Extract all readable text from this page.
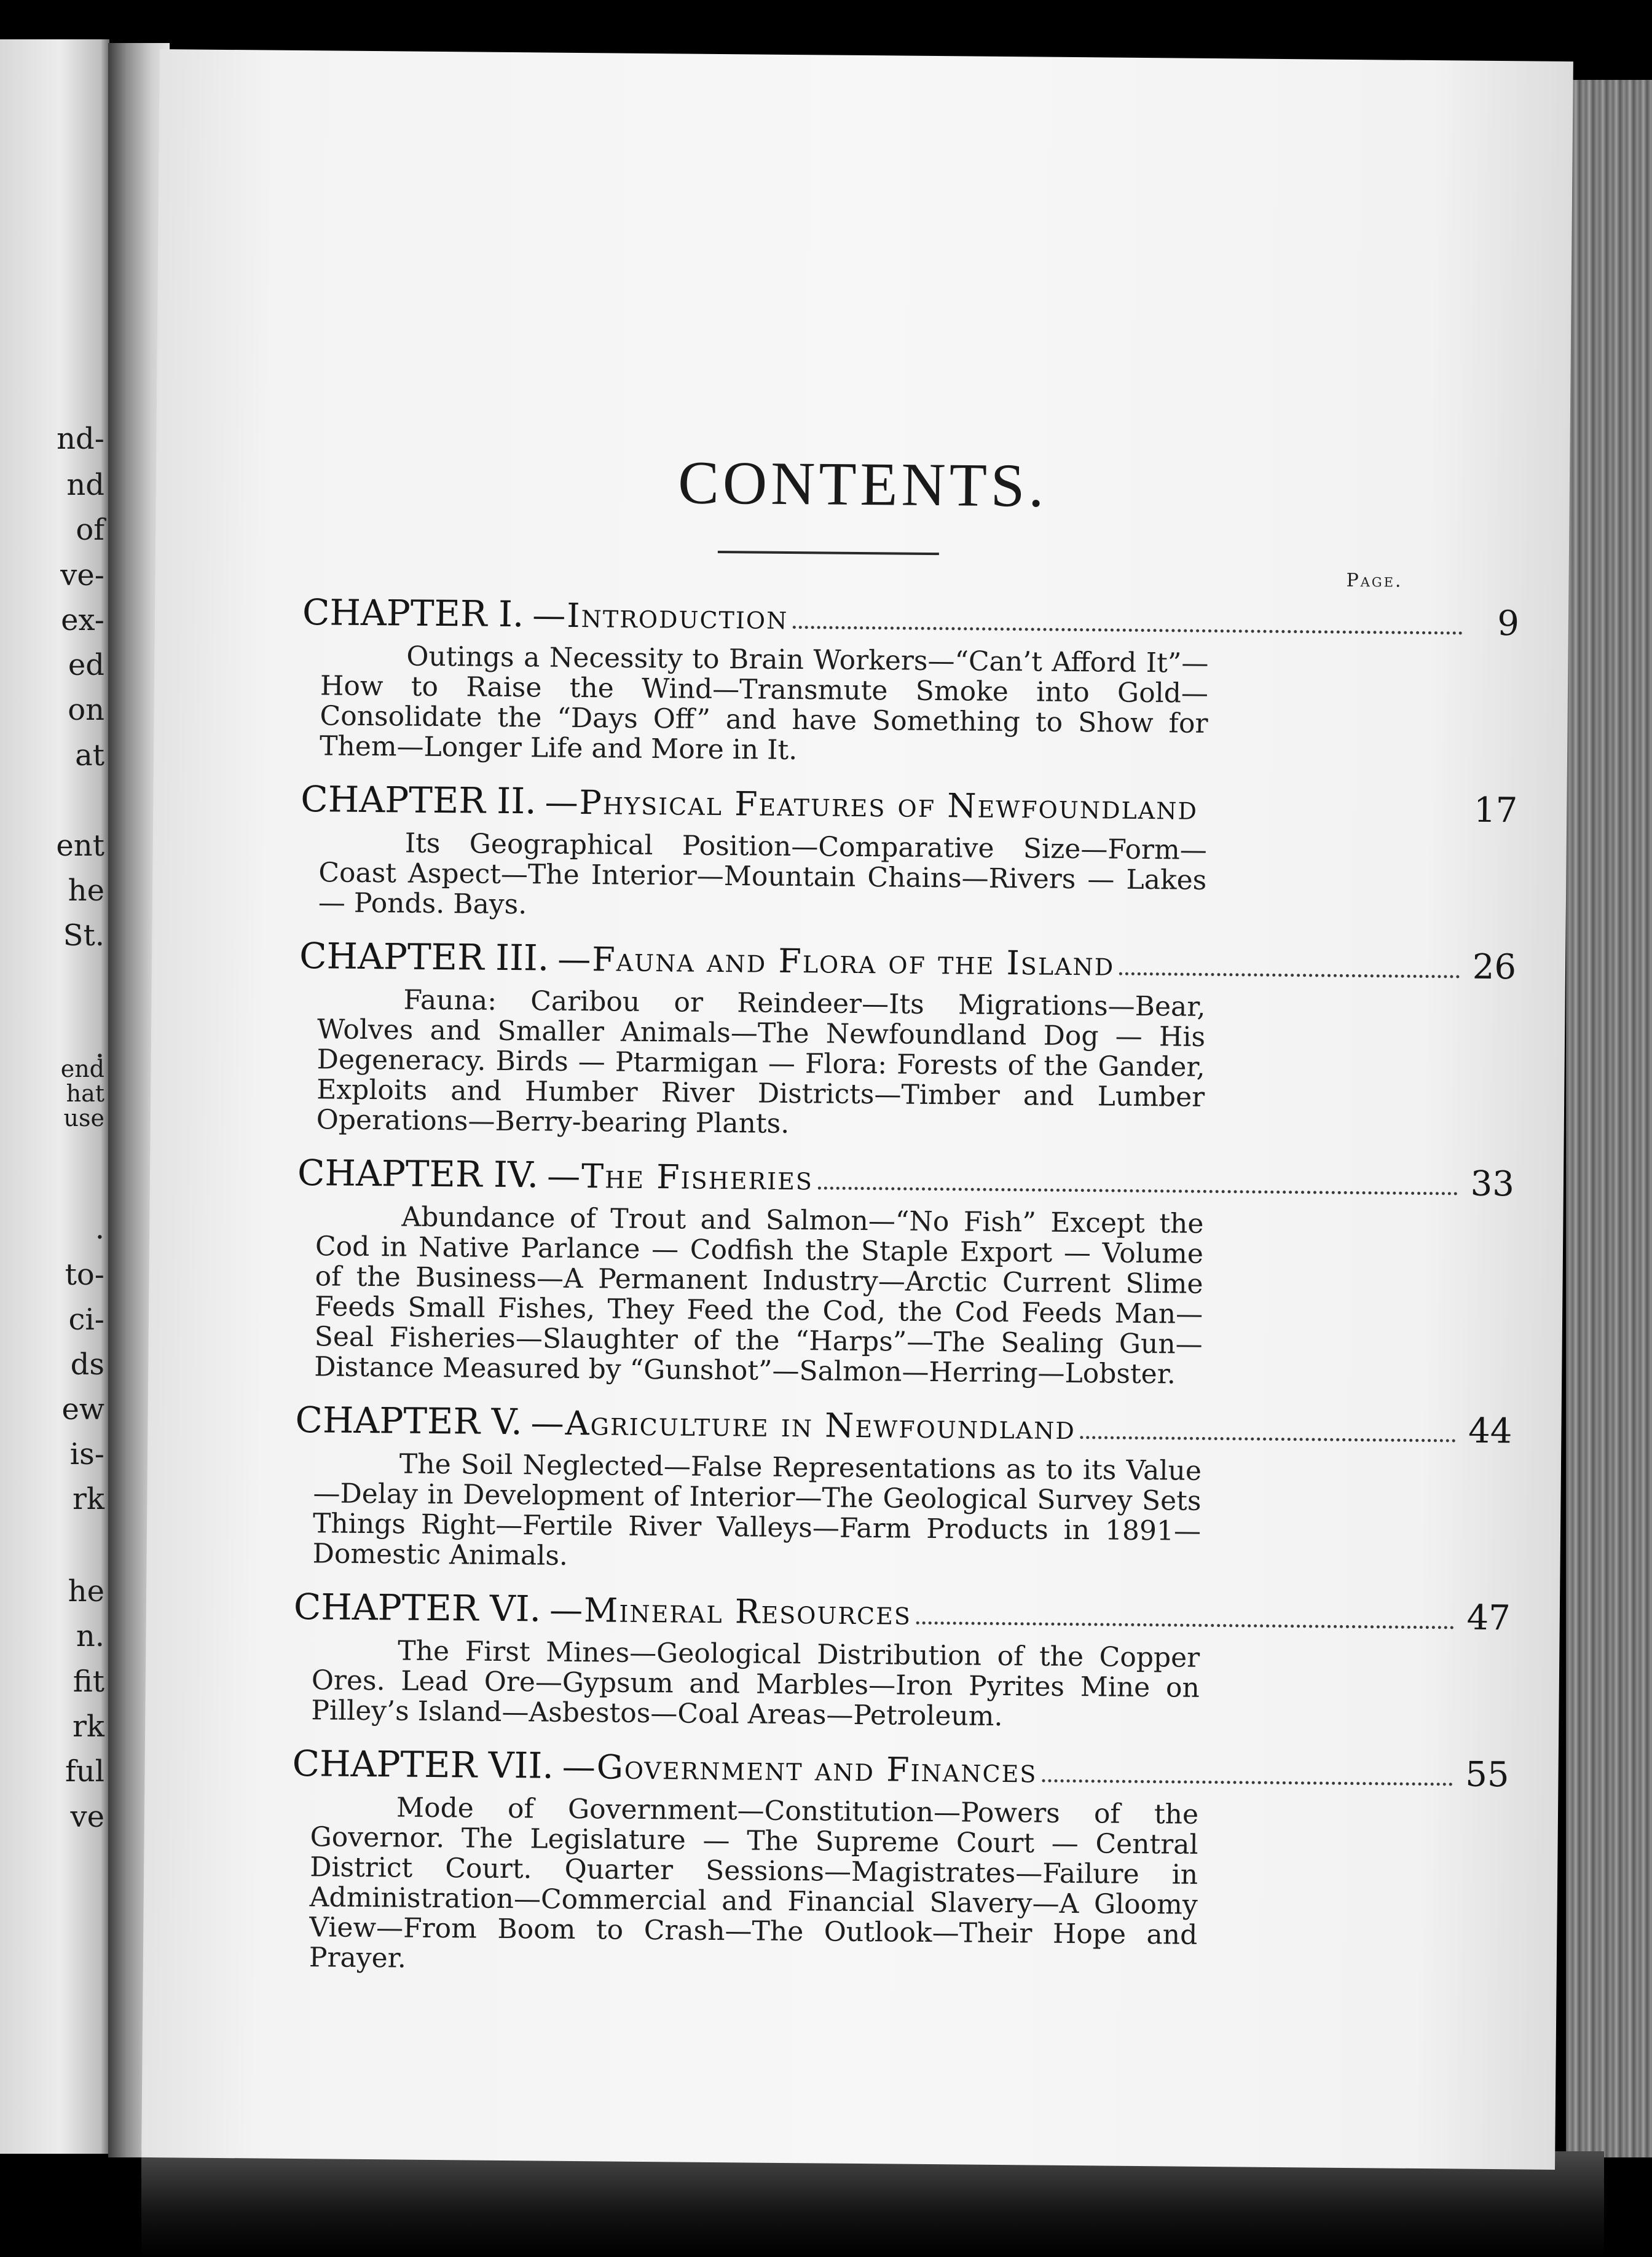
nd-
nd
of
ve-
ex-
ed
on
at
ent
he
St.
.
end
hat
use
.
to-
ci-
ds
ew
is-
rk
he
n.
fit
rk
ful
ve
CONTENTS.
Page.
CHAPTER I. —Introduction	9
Outings a Necessity to Brain Workers—“Can’t Afford It”—How to Raise the Wind—Transmute Smoke into Gold—Consolidate the “Days Off” and have Something to Show for Them—Longer Life and More in It.
CHAPTER II. —Physical Features of Newfoundland	17
Its Geographical Position—Comparative Size—Form—Coast Aspect—The Interior—Mountain Chains—Rivers — Lakes — Ponds. Bays.
CHAPTER III. —Fauna and Flora of the Island	26
Fauna: Caribou or Reindeer—Its Migrations—Bear, Wolves and Smaller Animals—The Newfoundland Dog — His Degeneracy. Birds — Ptarmigan — Flora: Forests of the Gander, Exploits and Humber River Districts—Timber and Lumber Operations—Berry-bearing Plants.
CHAPTER IV. —The Fisheries	33
Abundance of Trout and Salmon—“No Fish” Except the Cod in Native Parlance — Codfish the Staple Export — Volume of the Business—A Permanent Industry—Arctic Current Slime Feeds Small Fishes, They Feed the Cod, the Cod Feeds Man—Seal Fisheries—Slaughter of the “Harps”—The Sealing Gun—Distance Measured by “Gunshot”—Salmon—Herring—Lobster.
CHAPTER V. —Agriculture in Newfoundland	44
The Soil Neglected—False Representations as to its Value—Delay in Development of Interior—The Geological Survey Sets Things Right—Fertile River Valleys—Farm Products in 1891—Domestic Animals.
CHAPTER VI. —Mineral Resources	47
The First Mines—Geological Distribution of the Copper Ores. Lead Ore—Gypsum and Marbles—Iron Pyrites Mine on Pilley’s Island—Asbestos—Coal Areas—Petroleum.
CHAPTER VII. —Government and Finances	55
Mode of Government—Constitution—Powers of the Governor. The Legislature — The Supreme Court — Central District Court. Quarter Sessions—Magistrates—Failure in Administration—Commercial and Financial Slavery—A Gloomy View—From Boom to Crash—The Outlook—Their Hope and Prayer.
